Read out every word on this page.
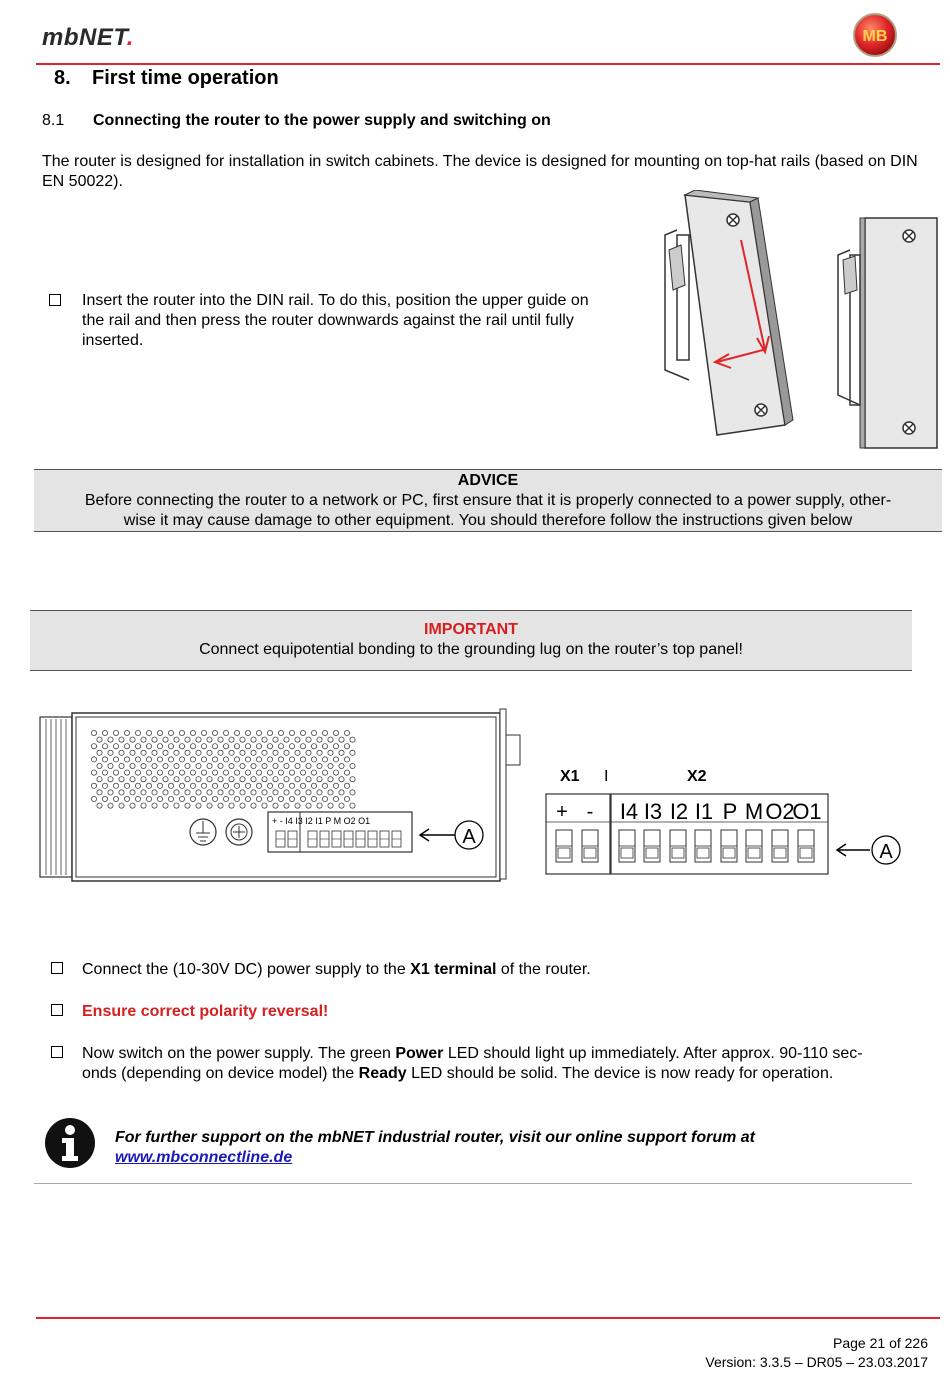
mbNET.	MB
8. First time operation
8.1 Connecting the router to the power supply and switching on
The router is designed for installation in switch cabinets. The device is designed for mounting on top-hat rails (based on DIN EN 50022).
Insert the router into the DIN rail. To do this, position the upper guide on
the rail and then press the router downwards against the rail until fully
inserted.
ADVICE
Before connecting the router to a network or PC, first ensure that it is properly connected to a power supply, other-
wise it may cause damage to other equipment. You should therefore follow the instructions given below
IMPORTANT
Connect equipotential bonding to the grounding lug on the router’s top panel!
+ - I4 I3 I2 I1 P M O2 O1
A
X1 I	X2
+ - I4 I3 I2 I1 P M O2
O1
A
Connect the (10-30V DC) power supply to the X1 terminal of the router.
Ensure correct polarity reversal!
Now switch on the power supply. The green Power LED should light up immediately. After approx. 90-110 sec-
onds (depending on device model) the Ready LED should be solid. The device is now ready for operation.
For further support on the mbNET industrial router, visit our online support forum at
www.mbconnectline.de
Page 21 of 226
Version: 3.3.5 – DR05 – 23.03.2017
